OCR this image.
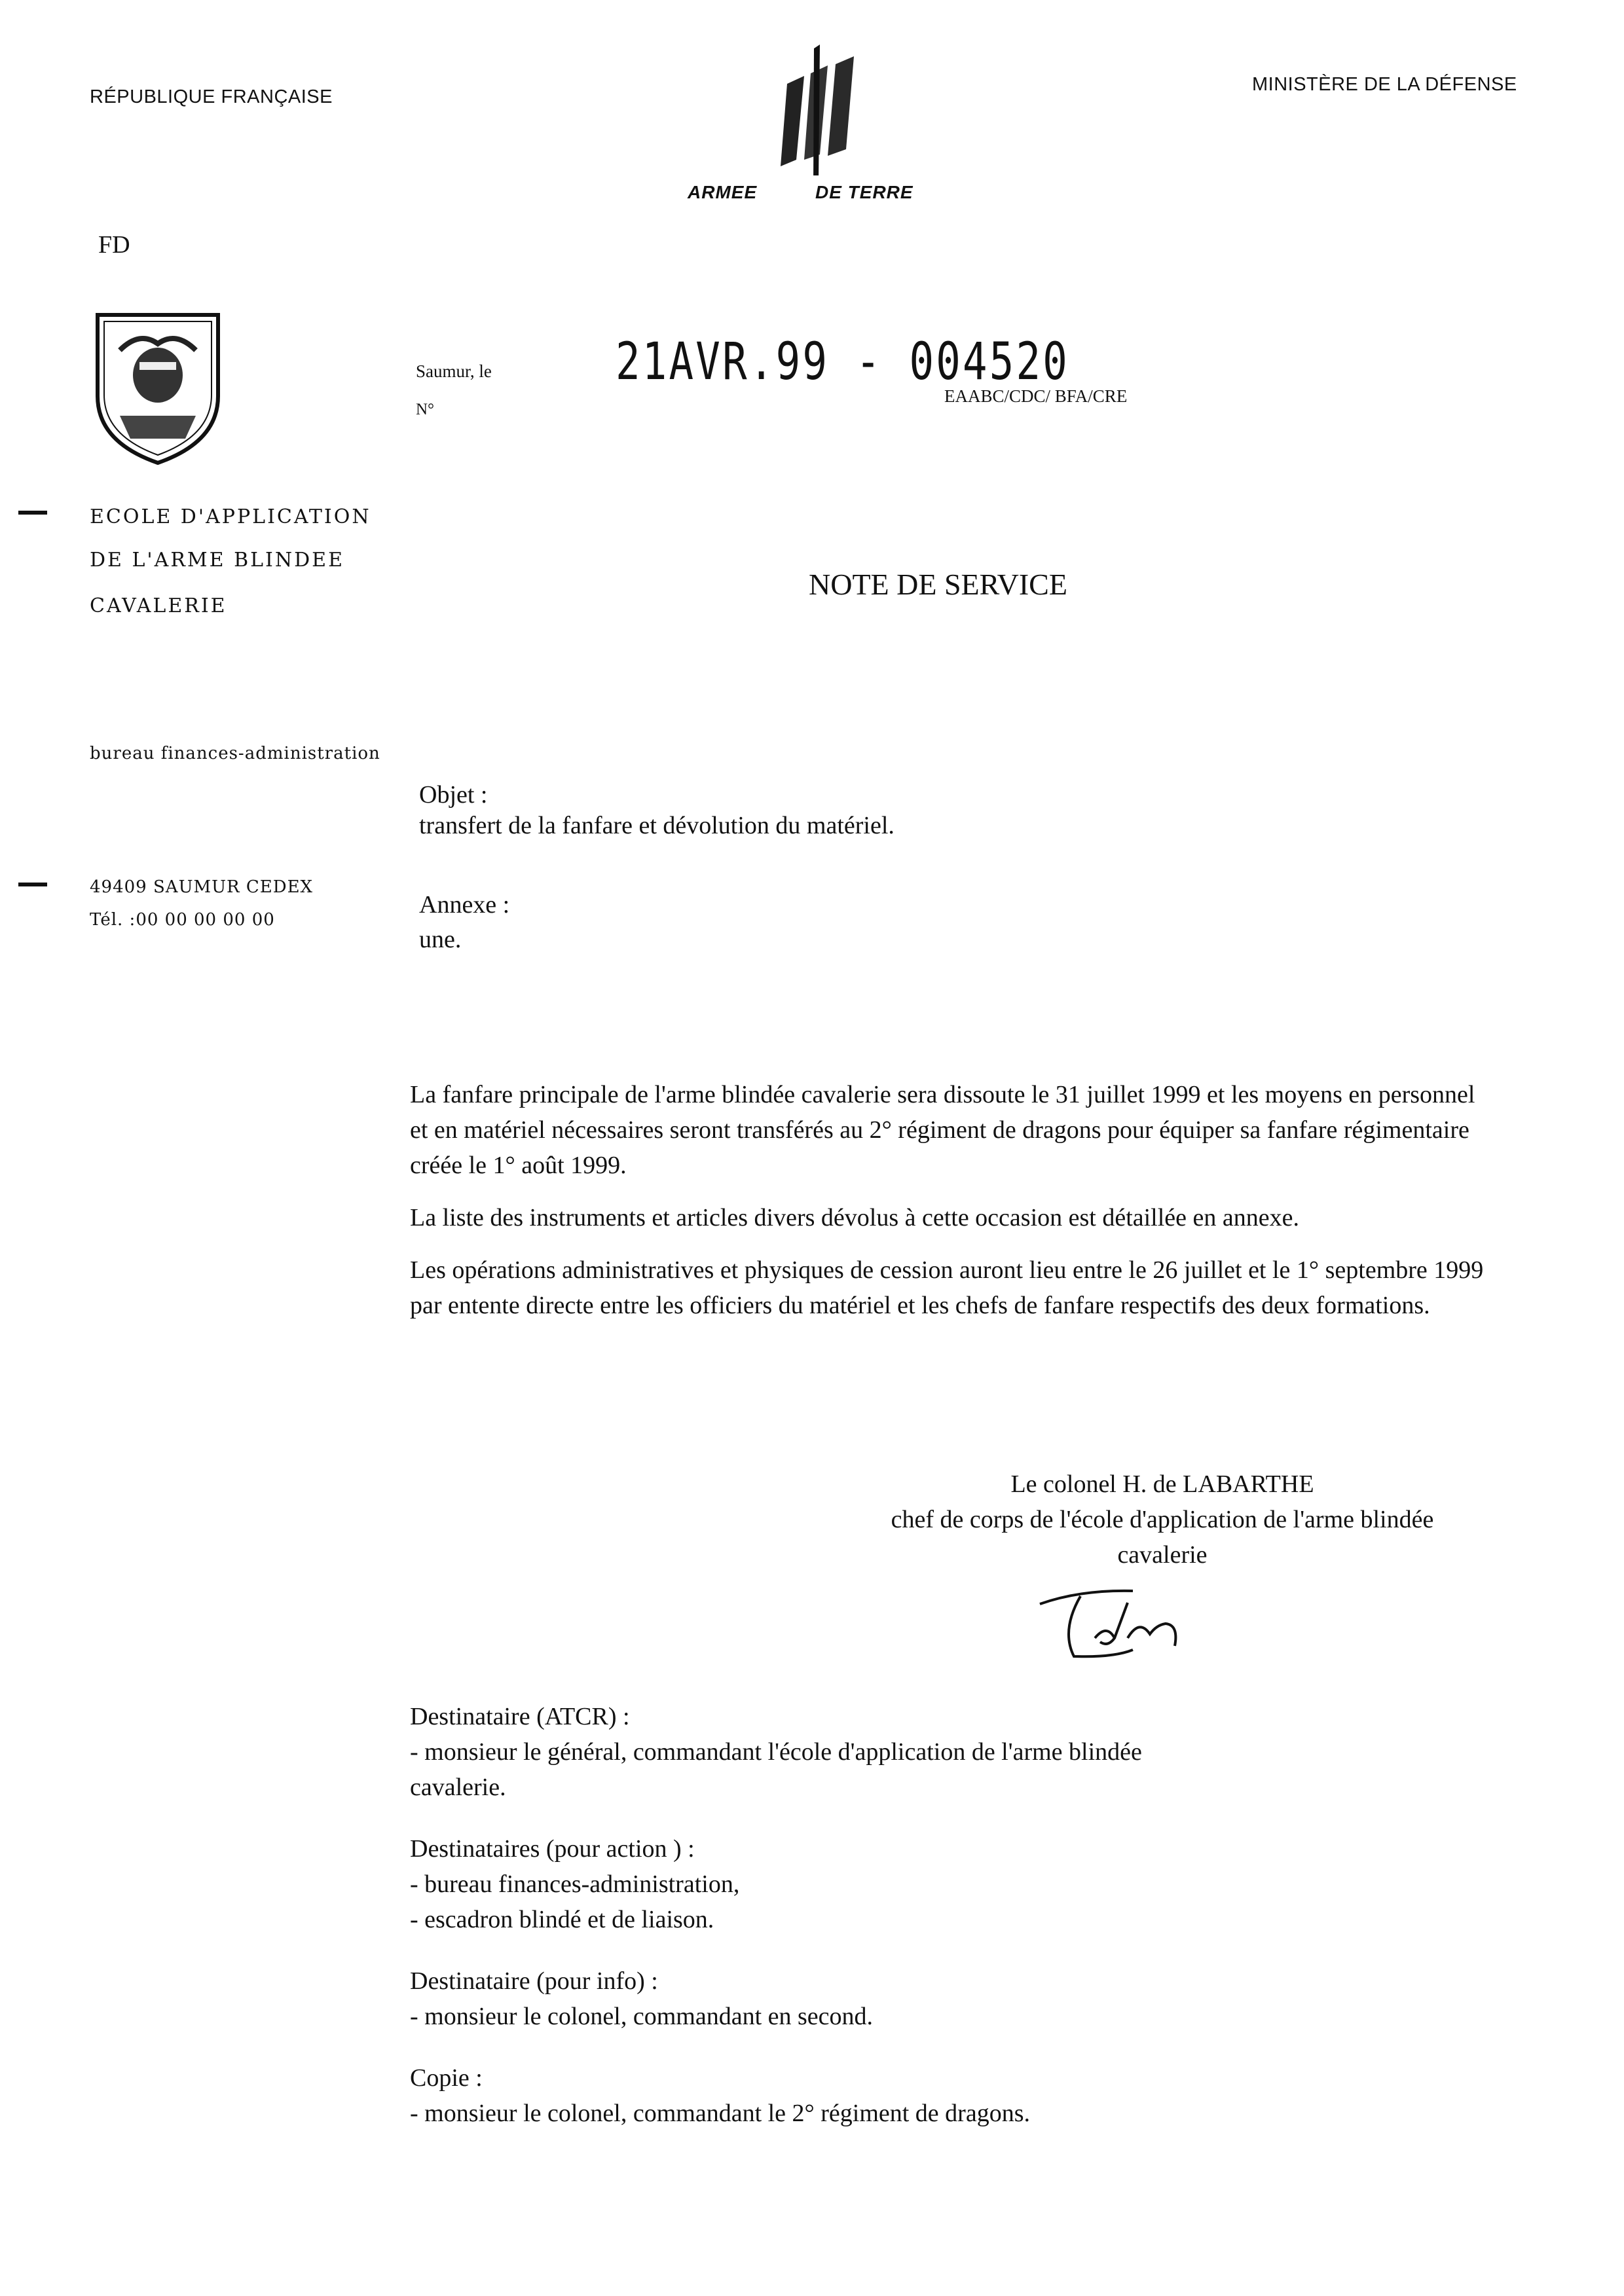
RÉPUBLIQUE FRANÇAISE
MINISTÈRE DE LA DÉFENSE
ARMEE	DE TERRE
FD
Saumur, le
N°
21AVR.99 - 004520
EAABC/CDC/ BFA/CRE
ECOLE D'APPLICATION
DE L'ARME BLINDEE
CAVALERIE
NOTE DE SERVICE
bureau finances-administration
Objet :
transfert de la fanfare et dévolution du matériel.
49409 SAUMUR CEDEX
Tél. :00 00 00 00 00
Annexe :
une.

La fanfare principale de l'arme blindée cavalerie sera dissoute le 31 juillet 1999 et les moyens en personnel et en matériel nécessaires seront transférés au 2° régiment de dragons pour équiper sa fanfare régimentaire créée le 1° août 1999.

La liste des instruments et articles divers dévolus à cette occasion est détaillée en annexe.

Les opérations administratives et physiques de cession auront lieu entre le 26 juillet et le 1° septembre 1999 par entente directe entre les officiers du matériel et les chefs de fanfare respectifs des deux formations.

Le colonel H. de LABARTHE
chef de corps de l'école d'application de l'arme blindée
cavalerie
Destinataire (ATCR) :
- monsieur le général, commandant l'école d'application de l'arme blindée
cavalerie.
Destinataires (pour action ) :
- bureau finances-administration,
- escadron blindé et de liaison.
Destinataire (pour info) :
- monsieur le colonel, commandant en second.
Copie :
- monsieur le colonel, commandant le 2° régiment de dragons.
